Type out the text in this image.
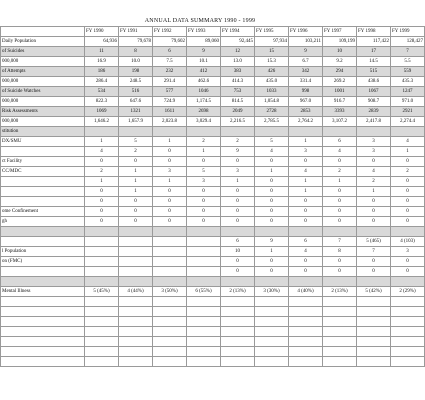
ANNUAL DATA SUMMARY 1990 - 1999
	FY 1990	FY 1991	FY 1992	FY 1993	FY 1994	FY 1995	FY 1996	FY 1997	FY 1998	FY 1999
Daily Population	64,936	79,678	79,602	89,060	92,445	97,934	103,211	109,199	117,422	128,427
of Suicides	11	8	6	9	12	15	9	10	17	7
000,000	16.9	10.0	7.5	10.1	13.0	15.3	6.7	9.2	14.5	5.5
of Attempts	186	198	232	412	383	426	342	294	515	559
000,000	286.4	248.5	291.4	462.6	414.3	435.0	331.4	269.2	438.6	435.3
of Suicide Watches	534	516	577	1046	753	1033	998	1001	1067	1247
000,000	822.3	647.6	724.9	1,174.5	814.5	1,054.8	967.0	916.7	908.7	971.0
Risk Assessments	1069	1321	1611	2698	2049	2728	2853	3393	2839	2921
000,000	1,646.2	1,657.9	2,023.8	3,029.4	2,216.5	2,785.5	2,764.2	3,107.2	2,417.8	2,274.4
stitution										
DX/SMU	1	5	1	2	2	5	1	6	3	4
	4	2	0	1	9	4	3	4	3	1
ct Facility	0	0	0	0	0	0	0	0	0	0
CC/MDC	2	1	3	5	3	1	4	2	4	2
	1	1	1	3	1	0	1	1	2	0
	0	1	0	0	0	0	1	0	1	0
	0	0	0	0	0	0	0	0	0	0
ome Confinement	0	0	0	0	0	0	0	0	0	0
gh	0	0	0	0	0	0	0	0	0	0

					6	9	6	7	5 (465)	4 (103)
l Population					10	1	4	8	7	3
on (FMC)					0	0	0	0	0	0
					0	0	0	0	0	0

Mental Illness	5 (45%)	4 (44%)	3 (50%)	6 (55%)	2 (13%)	3 (30%)	4 (40%)	2 (13%)	5 (42%)	2 (29%)
